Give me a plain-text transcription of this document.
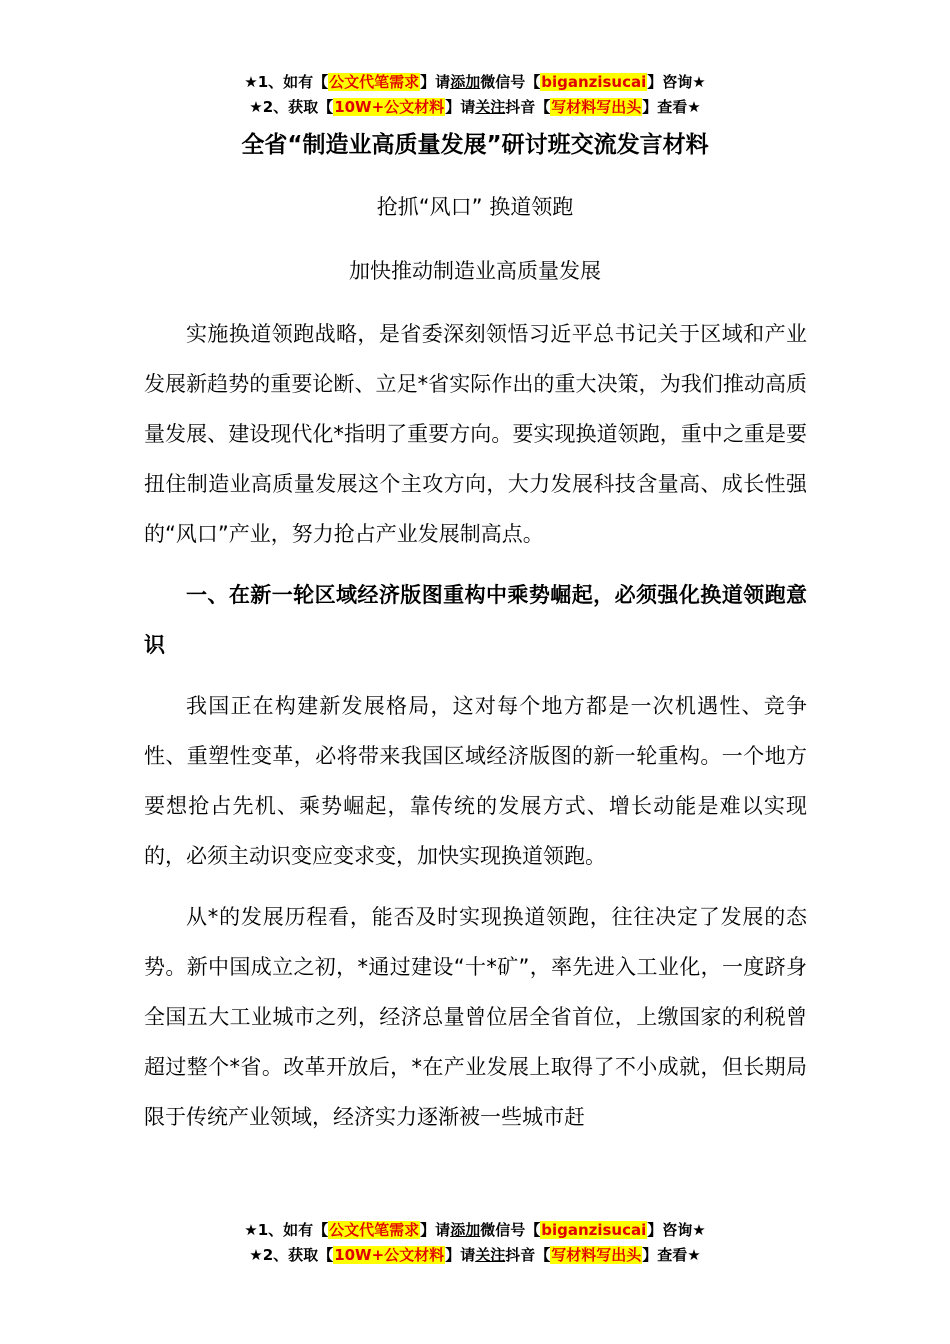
★1、如有【公文代笔需求】请添加微信号【biganzisucai】咨询★
★2、获取【10W+公文材料】请关注抖音【写材料写出头】查看★
全省“制造业高质量发展”研讨班交流发言材料
抢抓“风口” 换道领跑
加快推动制造业高质量发展

实施换道领跑战略，是省委深刻领悟习近平总书记关于区域和产业发展新趋势的重要论断、立足*省实际作出的重大决策，为我们推动高质量发展、建设现代化*指明了重要方向。要实现换道领跑，重中之重是要扭住制造业高质量发展这个主攻方向，大力发展科技含量高、成长性强的“风口”产业，努力抢占产业发展制高点。

一、在新一轮区域经济版图重构中乘势崛起，必须强化换道领跑意识

我国正在构建新发展格局，这对每个地方都是一次机遇性、竞争性、重塑性变革，必将带来我国区域经济版图的新一轮重构。一个地方要想抢占先机、乘势崛起，靠传统的发展方式、增长动能是难以实现的，必须主动识变应变求变，加快实现换道领跑。

从*的发展历程看，能否及时实现换道领跑，往往决定了发展的态势。新中国成立之初，*通过建设“十*矿”，率先进入工业化，一度跻身全国五大工业城市之列，经济总量曾位居全省首位，上缴国家的利税曾超过整个*省。改革开放后，*在产业发展上取得了不小成就，但长期局限于传统产业领域，经济实力逐渐被一些城市赶

★1、如有【公文代笔需求】请添加微信号【biganzisucai】咨询★
★2、获取【10W+公文材料】请关注抖音【写材料写出头】查看★
